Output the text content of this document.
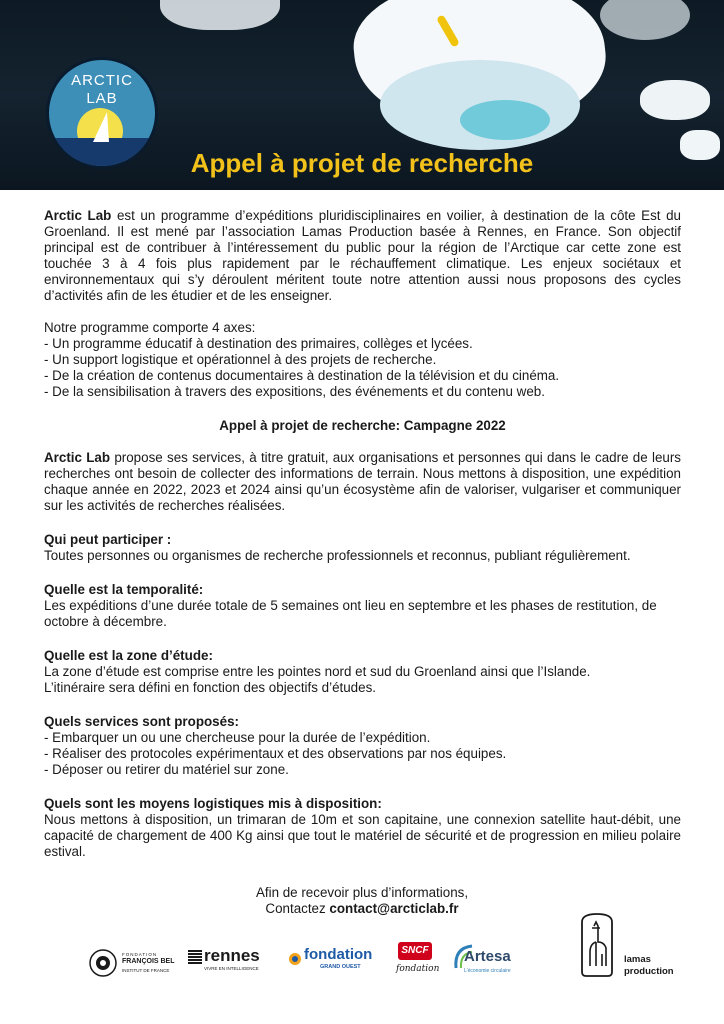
ARCTIC
LAB
Appel à projet de recherche

Arctic Lab est un programme d’expéditions pluridisciplinaires en voilier, à destination de la côte Est du Groenland. Il est mené par l’association Lamas Production basée à Rennes, en France. Son objectif principal est de contribuer à l’intéressement du public pour la région de l’Arctique car cette zone est touchée 3 à 4 fois plus rapidement par le réchauffement climatique. Les enjeux sociétaux et environnementaux qui s’y déroulent méritent toute notre attention aussi nous proposons des cycles d’activités afin de les étudier et de les enseigner.

Notre programme comporte 4 axes:

- Un programme éducatif à destination des primaires, collèges et lycées.

- Un support logistique et opérationnel à des projets de recherche.

- De la création de contenus documentaires à destination de la télévision et du cinéma.

- De la sensibilisation à travers des expositions, des événements et du contenu web.

Appel à projet de recherche: Campagne 2022

Arctic Lab propose ses services, à titre gratuit, aux organisations et personnes qui dans le cadre de leurs recherches ont besoin de collecter des informations de terrain. Nous mettons à disposition, une expédition chaque année en 2022, 2023 et 2024 ainsi qu’un écosystème afin de valoriser, vulgariser et communiquer sur les activités de recherches réalisées.

Qui peut participer :

Toutes personnes ou organismes de recherche professionnels et reconnus, publiant régulièrement.

Quelle est la temporalité:

Les expéditions d’une durée totale de 5 semaines ont lieu en septembre et les phases de restitution, de octobre à décembre.

Quelle est la zone d’étude:

La zone d’étude est comprise entre les pointes nord et sud du Groenland ainsi que l’Islande.

L’itinéraire sera défini en fonction des objectifs d’études.

Quels services sont proposés:

- Embarquer un ou une chercheuse pour la durée de l’expédition.

- Réaliser des protocoles expérimentaux et des observations par nos équipes.

- Déposer ou retirer du matériel sur zone.

Quels sont les moyens logistiques mis à disposition:

Nous mettons à disposition, un trimaran de 10m et son capitaine, une connexion satellite haut-débit, une capacité de chargement de 400 Kg ainsi que tout le matériel de sécurité et de progression en milieu polaire estival.

Afin de recevoir plus d’informations,

Contactez contact@arcticlab.fr

FONDATION
FRANÇOIS BEL
INSTITUT DE FRANCE
rennes
VIVRE EN INTELLIGENCE
fondation
GRAND OUEST
SNCF
fondation
Artesa
L’économie circulaire
lamas
production
